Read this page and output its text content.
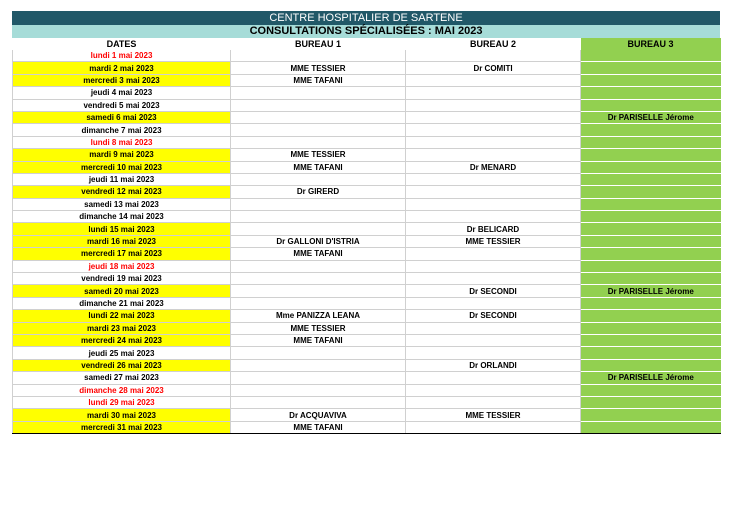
CENTRE HOSPITALIER DE SARTENE
CONSULTATIONS SPÉCIALISÉES : MAI 2023
DATES	BUREAU 1	BUREAU 2	BUREAU 3
lundi 1 mai 2023			
mardi 2 mai 2023	MME TESSIER	Dr COMITI	
mercredi 3 mai 2023	MME TAFANI		
jeudi 4 mai 2023			
vendredi 5 mai 2023			
samedi 6 mai 2023			Dr PARISELLE Jérome
dimanche 7 mai 2023			
lundi 8 mai 2023			
mardi 9 mai 2023	MME TESSIER		
mercredi 10 mai 2023	MME TAFANI	Dr MENARD	
jeudi 11 mai 2023			
vendredi 12 mai 2023	Dr GIRERD		
samedi 13 mai 2023			
dimanche 14 mai 2023			
lundi 15 mai 2023		Dr BELICARD	
mardi 16 mai 2023	Dr GALLONI D'ISTRIA	MME TESSIER	
mercredi 17 mai 2023	MME TAFANI		
jeudi 18 mai 2023			
vendredi 19 mai 2023			
samedi 20 mai 2023		Dr SECONDI	Dr PARISELLE Jérome
dimanche 21 mai 2023			
lundi 22 mai 2023	Mme PANIZZA LEANA	Dr SECONDI	
mardi 23 mai 2023	MME TESSIER		
mercredi 24 mai 2023	MME TAFANI		
jeudi 25 mai 2023			
vendredi 26 mai 2023		Dr ORLANDI	
samedi 27 mai 2023			Dr PARISELLE Jérome
dimanche 28 mai 2023			
lundi 29 mai 2023			
mardi 30 mai 2023	Dr ACQUAVIVA	MME TESSIER	
mercredi 31 mai 2023	MME TAFANI		
